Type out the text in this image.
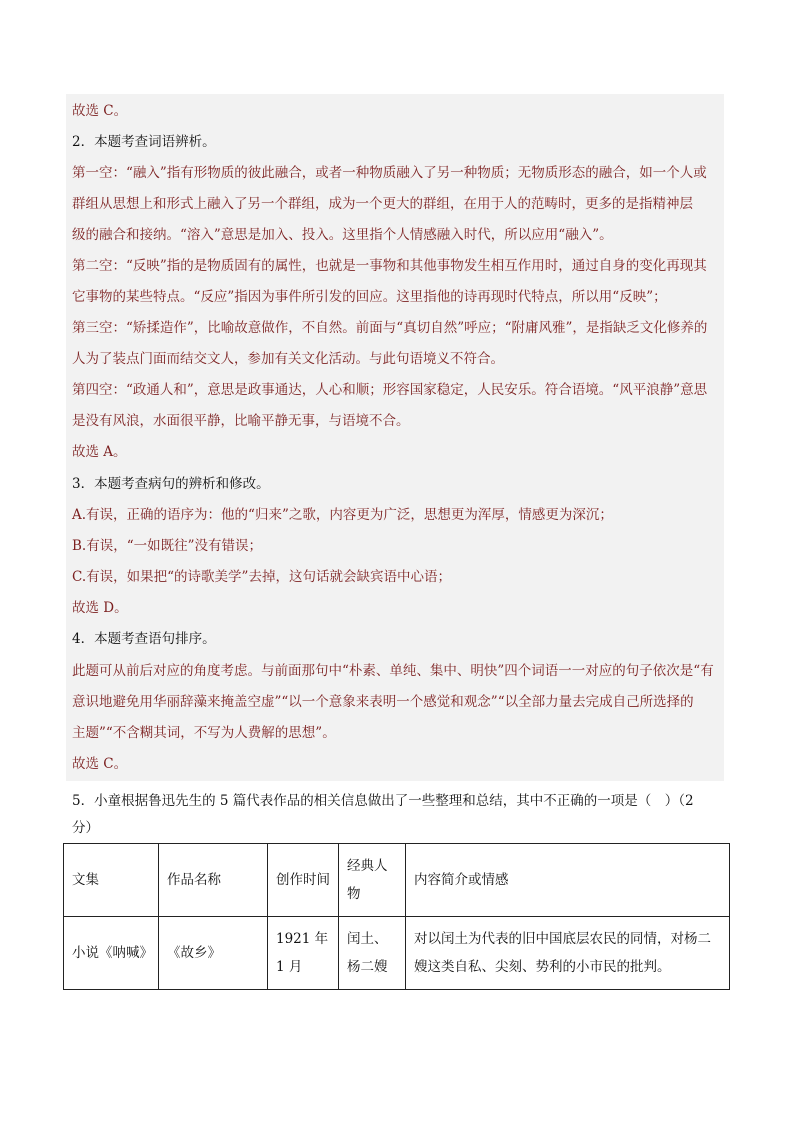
故选 C。
2．本题考查词语辨析。
第一空：“融入”指有形物质的彼此融合，或者一种物质融入了另一种物质；无物质形态的融合，如一个人或
群组从思想上和形式上融入了另一个群组，成为一个更大的群组，在用于人的范畴时，更多的是指精神层
级的融合和接纳。“溶入”意思是加入、投入。这里指个人情感融入时代，所以应用“融入”。
第二空：“反映”指的是物质固有的属性，也就是一事物和其他事物发生相互作用时，通过自身的变化再现其
它事物的某些特点。“反应”指因为事件所引发的回应。这里指他的诗再现时代特点，所以用“反映”；
第三空：“矫揉造作”，比喻故意做作，不自然。前面与“真切自然”呼应；“附庸风雅”，是指缺乏文化修养的
人为了装点门面而结交文人，参加有关文化活动。与此句语境义不符合。
第四空：“政通人和”，意思是政事通达，人心和顺；形容国家稳定，人民安乐。符合语境。“风平浪静”意思
是没有风浪，水面很平静，比喻平静无事，与语境不合。
故选 A。
3．本题考查病句的辨析和修改。
A.有误，正确的语序为：他的“归来”之歌，内容更为广泛，思想更为浑厚，情感更为深沉；
B.有误，“一如既往”没有错误；
C.有误，如果把“的诗歌美学”去掉，这句话就会缺宾语中心语；
故选 D。
4．本题考查语句排序。
此题可从前后对应的角度考虑。与前面那句中“朴素、单纯、集中、明快”四个词语一一对应的句子依次是“有
意识地避免用华丽辞藻来掩盖空虚”“以一个意象来表明一个感觉和观念”“以全部力量去完成自己所选择的
主题”“不含糊其词，不写为人费解的思想”。
故选 C。
5．小童根据鲁迅先生的 5 篇代表作品的相关信息做出了一些整理和总结，其中不正确的一项是（　）（2
分）
文集	作品名称	创作时间	经典人物	内容简介或情感
小说《呐喊》	《故乡》	1921 年 1 月	闰土、杨二嫂	对以闰土为代表的旧中国底层农民的同情，对杨二嫂这类自私、尖刻、势利的小市民的批判。
